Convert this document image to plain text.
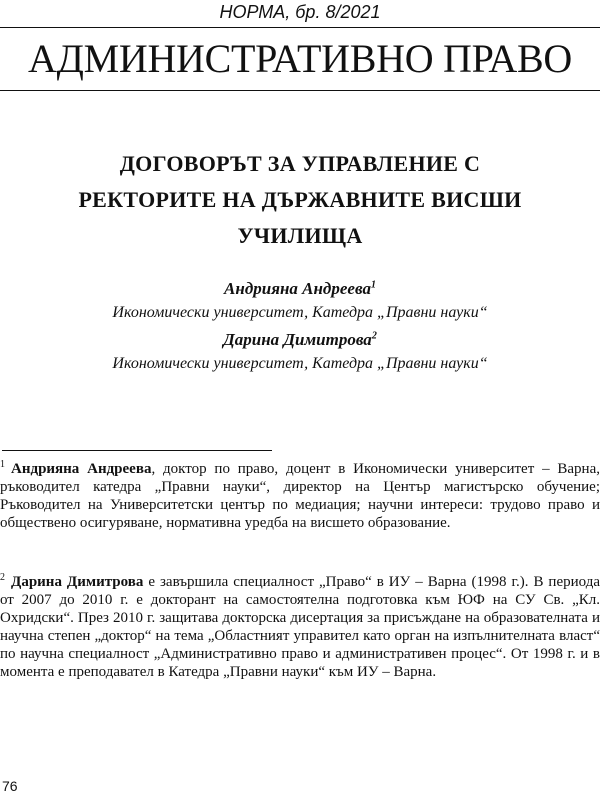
НОРМА, бр. 8/2021
АДМИНИСТРАТИВНО ПРАВО
ДОГОВОРЪТ ЗА УПРАВЛЕНИЕ С
РЕКТОРИТЕ НА ДЪРЖАВНИТЕ ВИСШИ
УЧИЛИЩА
Андрияна Андреева$^1$
Икономически университет, Катедра „Правни науки“
Дарина Димитрова$^2$
Икономически университет, Катедра „Правни науки“
$^1$ Андрияна Андреева, доктор по право, доцент в Икономически университет – Варна, ръководител катедра „Правни науки“, директор на Център магистърско обучение; Ръководител на Университетски център по медиация; научни интереси: трудово право и обществено осигуряване, нормативна уредба на висшето образование.
$^2$ Дарина Димитрова е завършила специалност „Право“ в ИУ – Варна (1998 г.). В периода от 2007 до 2010 г. е докторант на самостоятелна подготовка към ЮФ на СУ Св. „Кл. Охридски“. През 2010 г. защитава докторска дисертация за присъждане на образователната и научна степен „доктор“ на тема „Областният управител като орган на изпълнителната власт“ по научна специалност „Административно право и административен процес“. От 1998 г. и в момента е преподавател в Катедра „Правни науки“ към ИУ – Варна.
76
